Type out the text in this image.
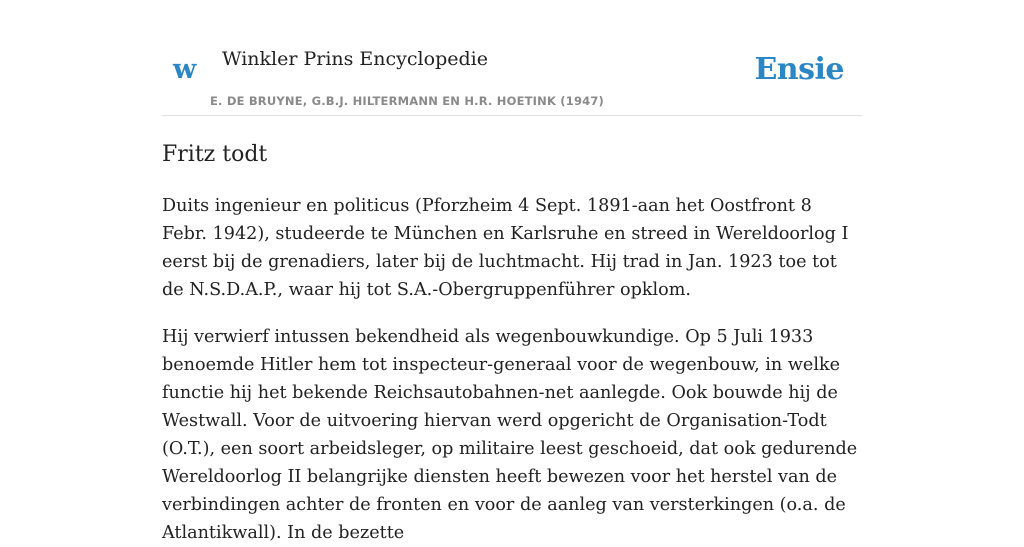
w Winkler Prins Encyclopedie
E. DE BRUYNE, G.B.J. HILTERMANN EN H.R. HOETINK (1947)
Ensie
Fritz todt

Duits ingenieur en politicus (Pforzheim 4 Sept. 1891-aan het Oostfront 8 Febr. 1942), studeerde te München en Karlsruhe en streed in Wereldoorlog I eerst bij de grenadiers, later bij de luchtmacht. Hij trad in Jan. 1923 toe tot de N.S.D.A.P., waar hij tot S.A.-Obergruppenführer opklom.

Hij verwierf intussen bekendheid als wegenbouwkundige. Op 5 Juli 1933 benoemde Hitler hem tot inspecteur-generaal voor de wegenbouw, in welke functie hij het bekende Reichsautobahnen-net aanlegde. Ook bouwde hij de Westwall. Voor de uitvoering hiervan werd opgericht de Organisation-Todt (O.T.), een soort arbeidsleger, op militaire leest geschoeid, dat ook gedurende Wereldoorlog II belangrijke diensten heeft bewezen voor het herstel van de verbindingen achter de fronten en voor de aanleg van versterkingen (o.a. de Atlantikwall). In de bezette
